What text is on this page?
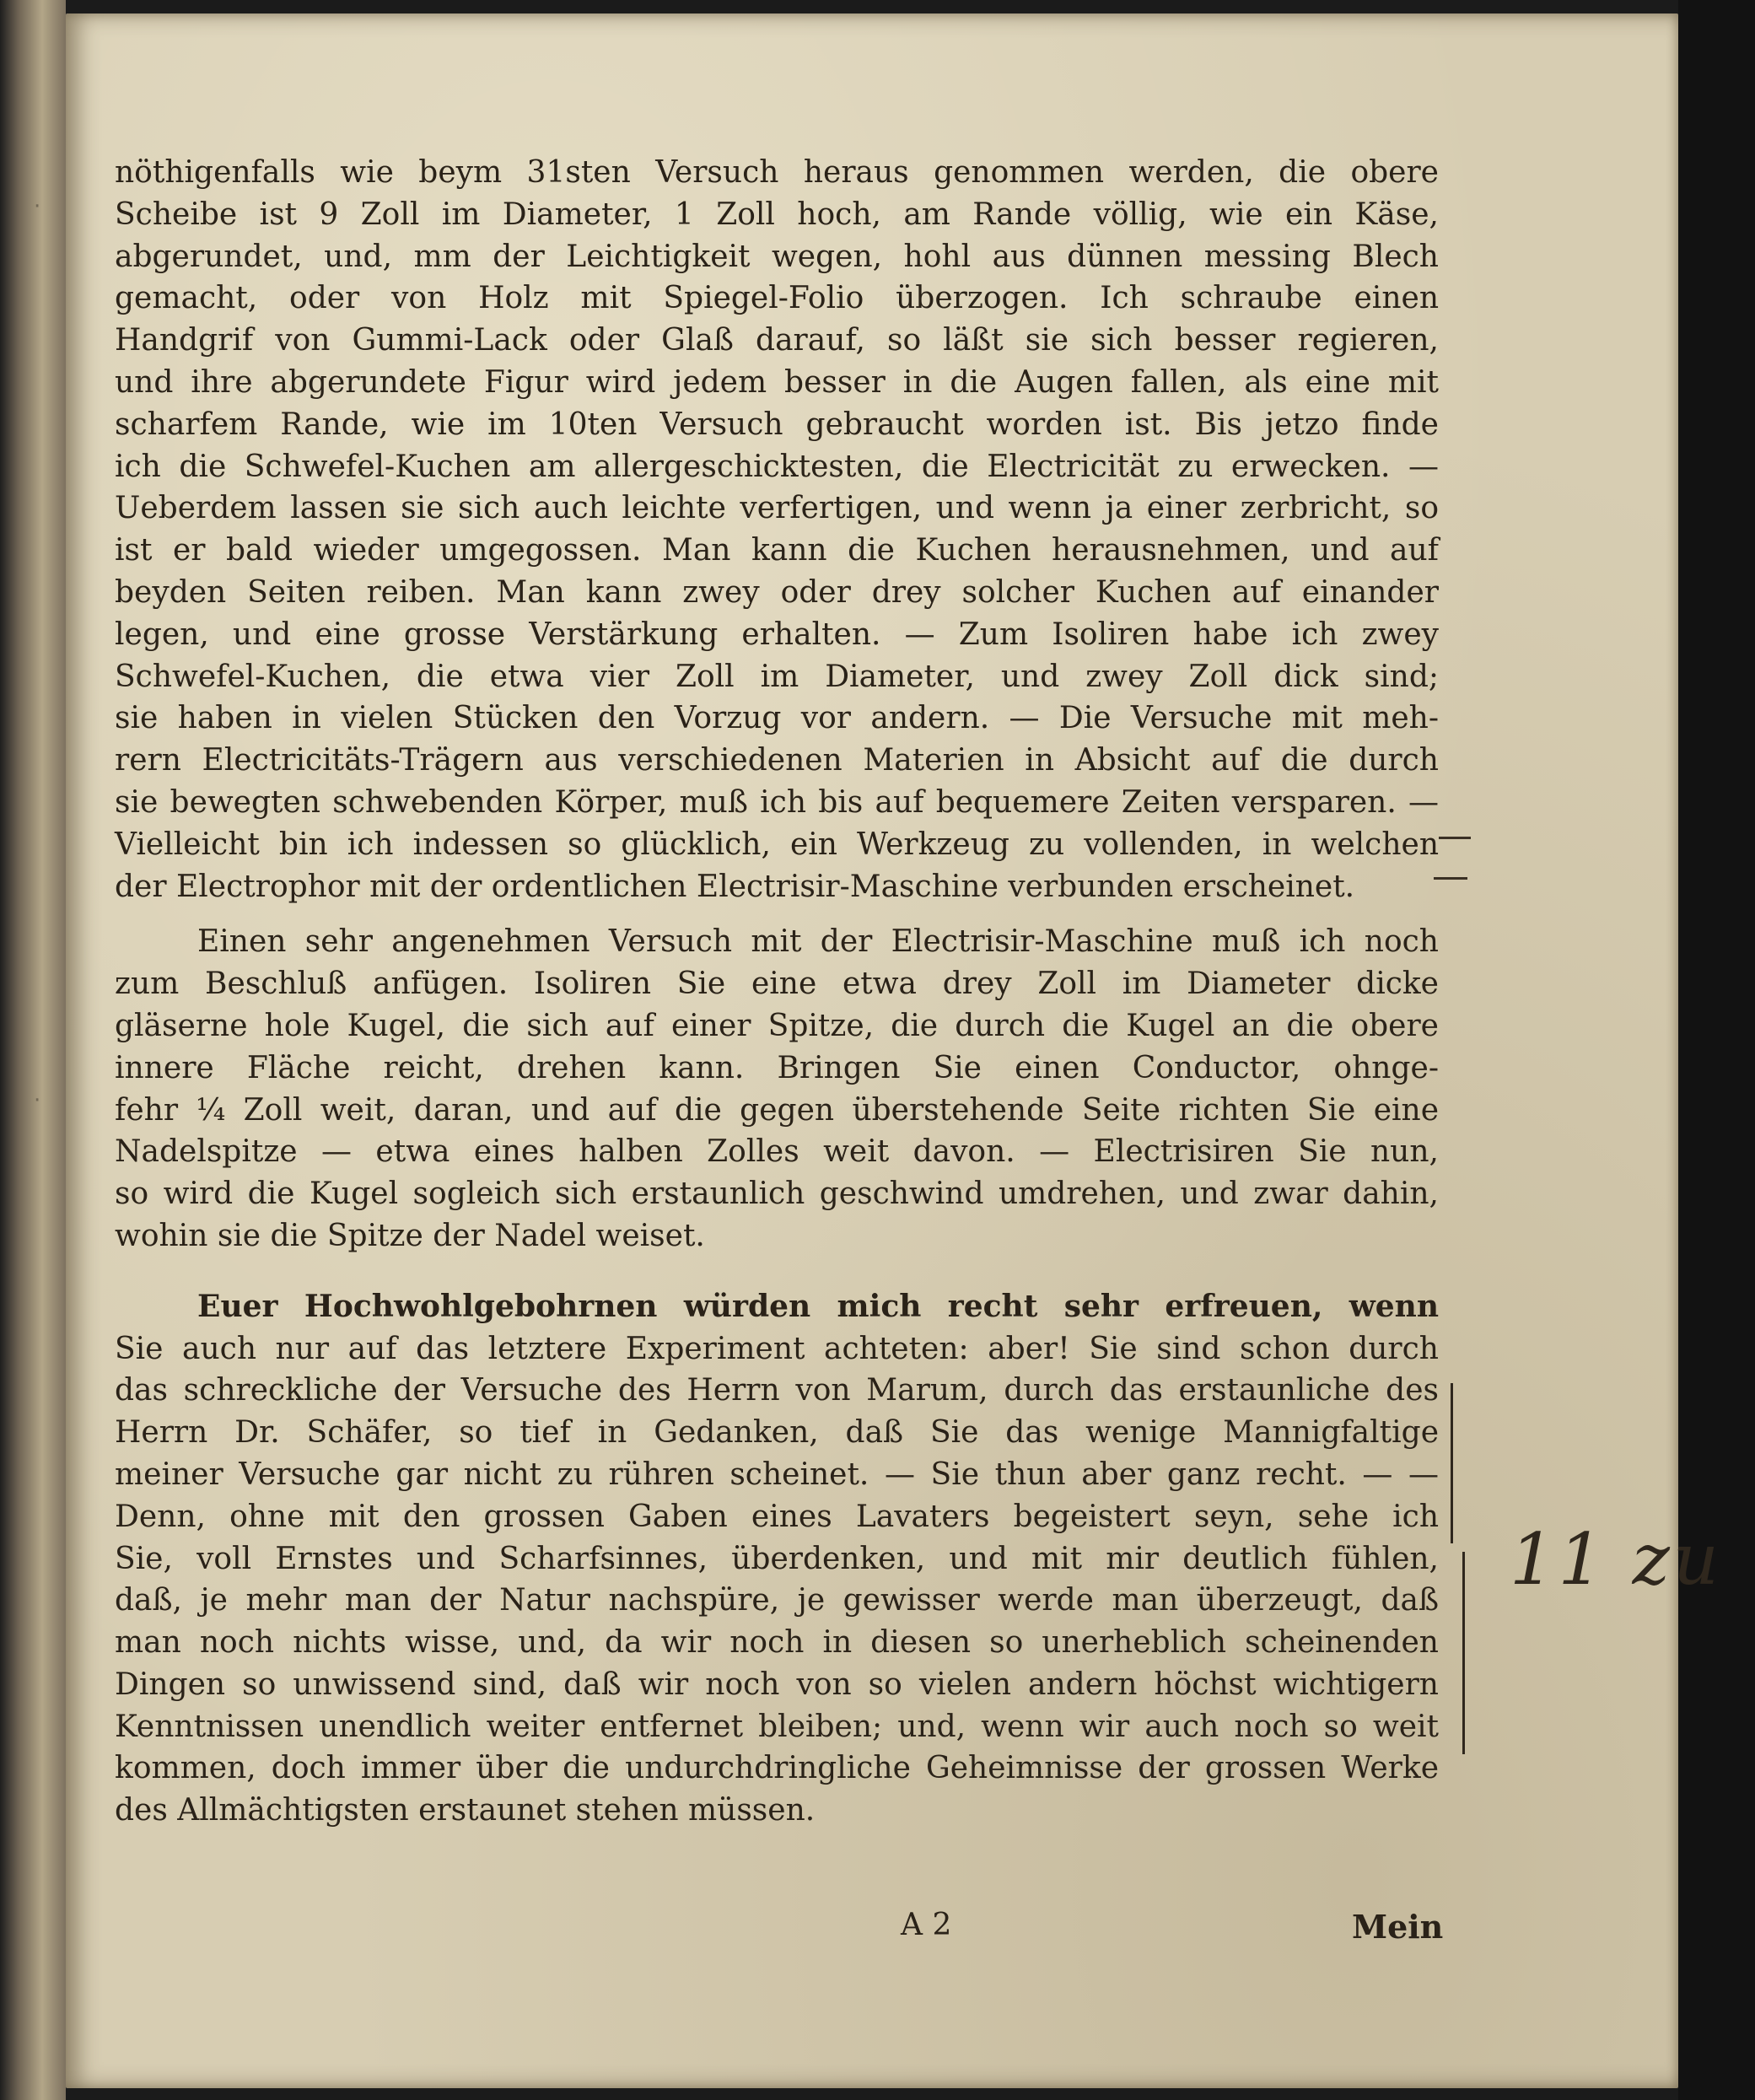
·
·
nöthigenfalls wie beym 31sten Versuch heraus genommen werden, die obere
Scheibe ist 9 Zoll im Diameter, 1 Zoll hoch, am Rande völlig, wie ein Käse,
abgerundet, und, mm der Leichtigkeit wegen, hohl aus dünnen messing Blech
gemacht, oder von Holz mit Spiegel-Folio überzogen. Ich schraube einen
Handgrif von Gummi-Lack oder Glaß darauf, so läßt sie sich besser regieren,
und ihre abgerundete Figur wird jedem besser in die Augen fallen, als eine mit
scharfem Rande, wie im 10ten Versuch gebraucht worden ist. Bis jetzo finde
ich die Schwefel-Kuchen am allergeschicktesten, die Electricität zu erwecken. —
Ueberdem lassen sie sich auch leichte verfertigen, und wenn ja einer zerbricht, so
ist er bald wieder umgegossen. Man kann die Kuchen herausnehmen, und auf
beyden Seiten reiben. Man kann zwey oder drey solcher Kuchen auf einander
legen, und eine grosse Verstärkung erhalten. — Zum Isoliren habe ich zwey
Schwefel-Kuchen, die etwa vier Zoll im Diameter, und zwey Zoll dick sind;
sie haben in vielen Stücken den Vorzug vor andern. — Die Versuche mit meh-
rern Electricitäts-Trägern aus verschiedenen Materien in Absicht auf die durch
sie bewegten schwebenden Körper, muß ich bis auf bequemere Zeiten versparen. —
Vielleicht bin ich indessen so glücklich, ein Werkzeug zu vollenden, in welchen
der Electrophor mit der ordentlichen Electrisir-Maschine verbunden erscheinet.
Einen sehr angenehmen Versuch mit der Electrisir-Maschine muß ich noch
zum Beschluß anfügen. Isoliren Sie eine etwa drey Zoll im Diameter dicke
gläserne hole Kugel, die sich auf einer Spitze, die durch die Kugel an die obere
innere Fläche reicht, drehen kann. Bringen Sie einen Conductor, ohnge-
fehr ¼ Zoll weit, daran, und auf die gegen überstehende Seite richten Sie eine
Nadelspitze — etwa eines halben Zolles weit davon. — Electrisiren Sie nun,
so wird die Kugel sogleich sich erstaunlich geschwind umdrehen, und zwar dahin,
wohin sie die Spitze der Nadel weiset.
Euer Hochwohlgebohrnen würden mich recht sehr erfreuen, wenn
Sie auch nur auf das letztere Experiment achteten: aber! Sie sind schon durch
das schreckliche der Versuche des Herrn von Marum, durch das erstaunliche des
Herrn Dr. Schäfer, so tief in Gedanken, daß Sie das wenige Mannigfaltige
meiner Versuche gar nicht zu rühren scheinet. — Sie thun aber ganz recht. — —
Denn, ohne mit den grossen Gaben eines Lavaters begeistert seyn, sehe ich
Sie, voll Ernstes und Scharfsinnes, überdenken, und mit mir deutlich fühlen,
daß, je mehr man der Natur nachspüre, je gewisser werde man überzeugt, daß
man noch nichts wisse, und, da wir noch in diesen so unerheblich scheinenden
Dingen so unwissend sind, daß wir noch von so vielen andern höchst wichtigern
Kenntnissen unendlich weiter entfernet bleiben; und, wenn wir auch noch so weit
kommen, doch immer über die undurchdringliche Geheimnisse der grossen Werke
des Allmächtigsten erstaunet stehen müssen.
A 2	Mein
11 zu
